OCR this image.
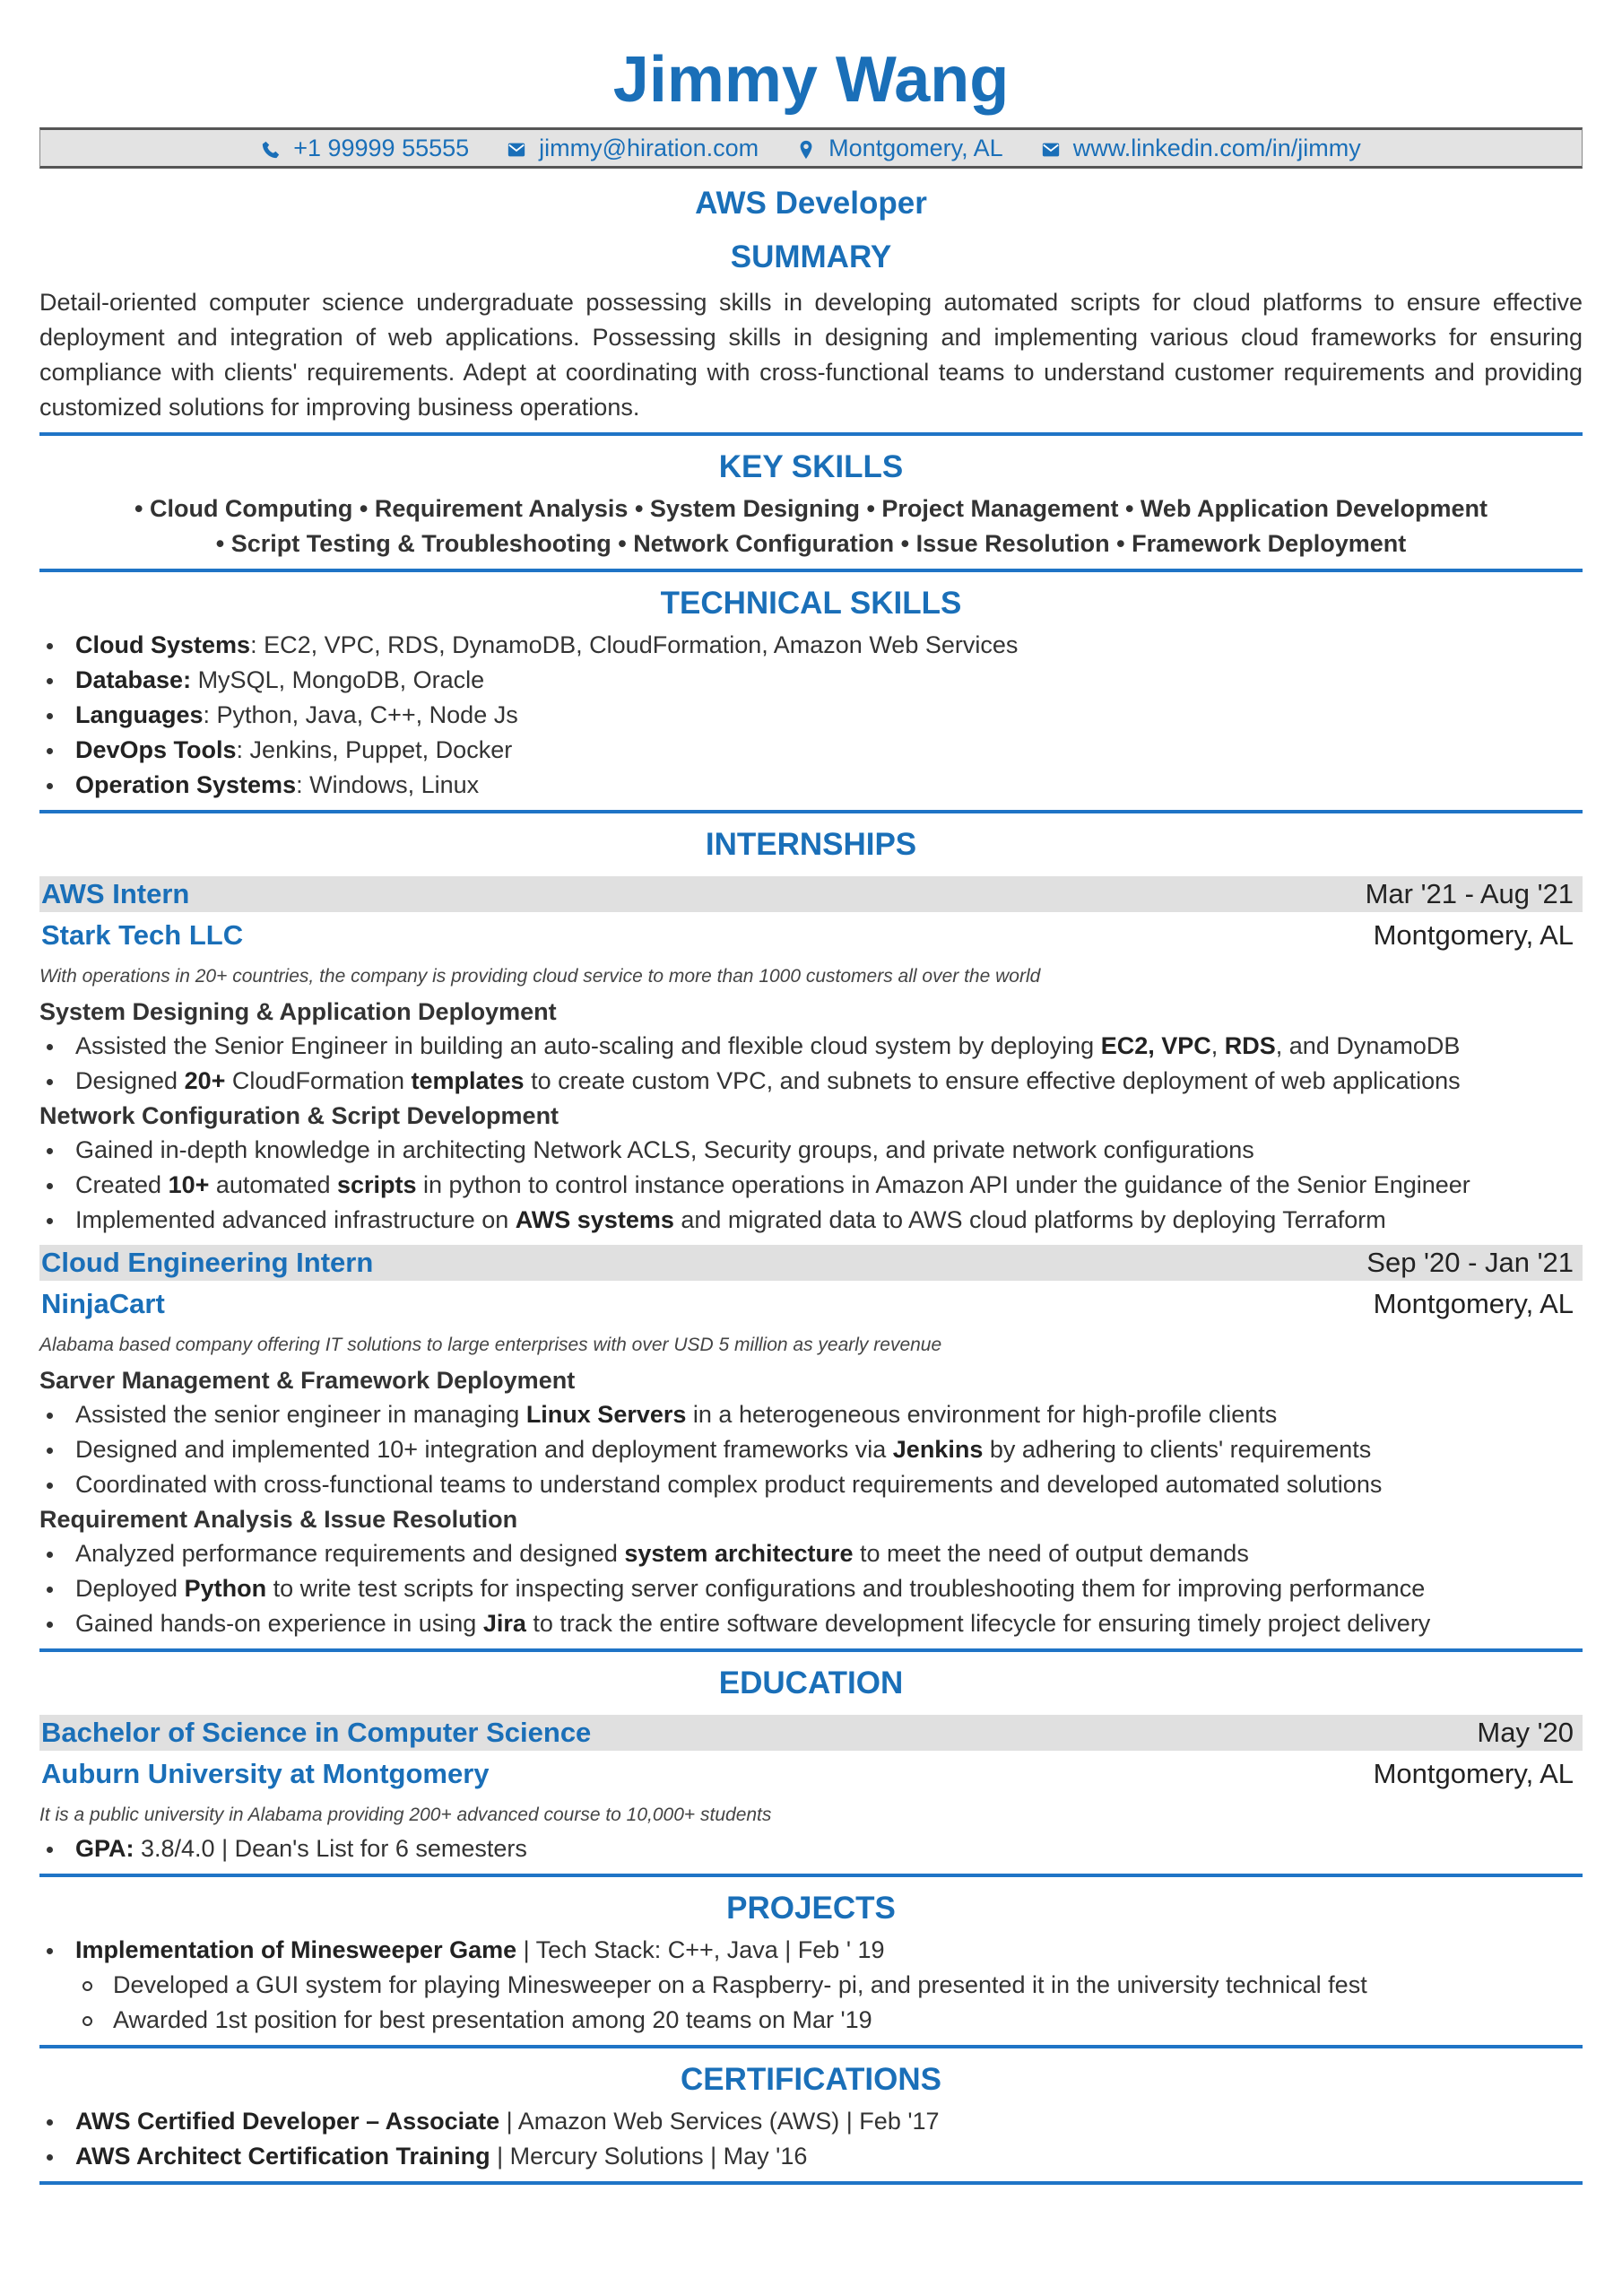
Jimmy Wang
+1 99999 55555	jimmy@hiration.com	Montgomery, AL	www.linkedin.com/in/jimmy
AWS Developer
SUMMARY
Detail-oriented computer science undergraduate possessing skills in developing automated scripts for cloud platforms to ensure effective deployment and integration of web applications. Possessing skills in designing and implementing various cloud frameworks for ensuring compliance with clients' requirements. Adept at coordinating with cross-functional teams to understand customer requirements and providing customized solutions for improving business operations.
KEY SKILLS
• Cloud Computing • Requirement Analysis • System Designing • Project Management • Web Application Development
• Script Testing & Troubleshooting • Network Configuration • Issue Resolution • Framework Deployment
TECHNICAL SKILLS
Cloud Systems: EC2, VPC, RDS, DynamoDB, CloudFormation, Amazon Web Services
Database: MySQL, MongoDB, Oracle
Languages: Python, Java, C++, Node Js
DevOps Tools: Jenkins, Puppet, Docker
Operation Systems: Windows, Linux
INTERNSHIPS
AWS Intern	Mar '21 - Aug '21
Stark Tech LLC	Montgomery, AL
With operations in 20+ countries, the company is providing cloud service to more than 1000 customers all over the world
System Designing & Application Deployment
Assisted the Senior Engineer in building an auto-scaling and flexible cloud system by deploying EC2, VPC, RDS, and DynamoDB
Designed 20+ CloudFormation templates to create custom VPC, and subnets to ensure effective deployment of web applications
Network Configuration & Script Development
Gained in-depth knowledge in architecting Network ACLS, Security groups, and private network configurations
Created 10+ automated scripts in python to control instance operations in Amazon API under the guidance of the Senior Engineer
Implemented advanced infrastructure on AWS systems and migrated data to AWS cloud platforms by deploying Terraform
Cloud Engineering Intern	Sep '20 - Jan '21
NinjaCart	Montgomery, AL
Alabama based company offering IT solutions to large enterprises with over USD 5 million as yearly revenue
Sarver Management & Framework Deployment
Assisted the senior engineer in managing Linux Servers in a heterogeneous environment for high-profile clients
Designed and implemented 10+ integration and deployment frameworks via Jenkins by adhering to clients' requirements
Coordinated with cross-functional teams to understand complex product requirements and developed automated solutions
Requirement Analysis & Issue Resolution
Analyzed performance requirements and designed system architecture to meet the need of output demands
Deployed Python to write test scripts for inspecting server configurations and troubleshooting them for improving performance
Gained hands-on experience in using Jira to track the entire software development lifecycle for ensuring timely project delivery
EDUCATION
Bachelor of Science in Computer Science	May '20
Auburn University at Montgomery	Montgomery, AL
It is a public university in Alabama providing 200+ advanced course to 10,000+ students
GPA: 3.8/4.0 | Dean's List for 6 semesters
PROJECTS
Implementation of Minesweeper Game | Tech Stack: C++, Java | Feb ' 19
Developed a GUI system for playing Minesweeper on a Raspberry- pi, and presented it in the university technical fest
Awarded 1st position for best presentation among 20 teams on Mar '19
CERTIFICATIONS
AWS Certified Developer – Associate | Amazon Web Services (AWS) | Feb '17
AWS Architect Certification Training | Mercury Solutions | May '16
